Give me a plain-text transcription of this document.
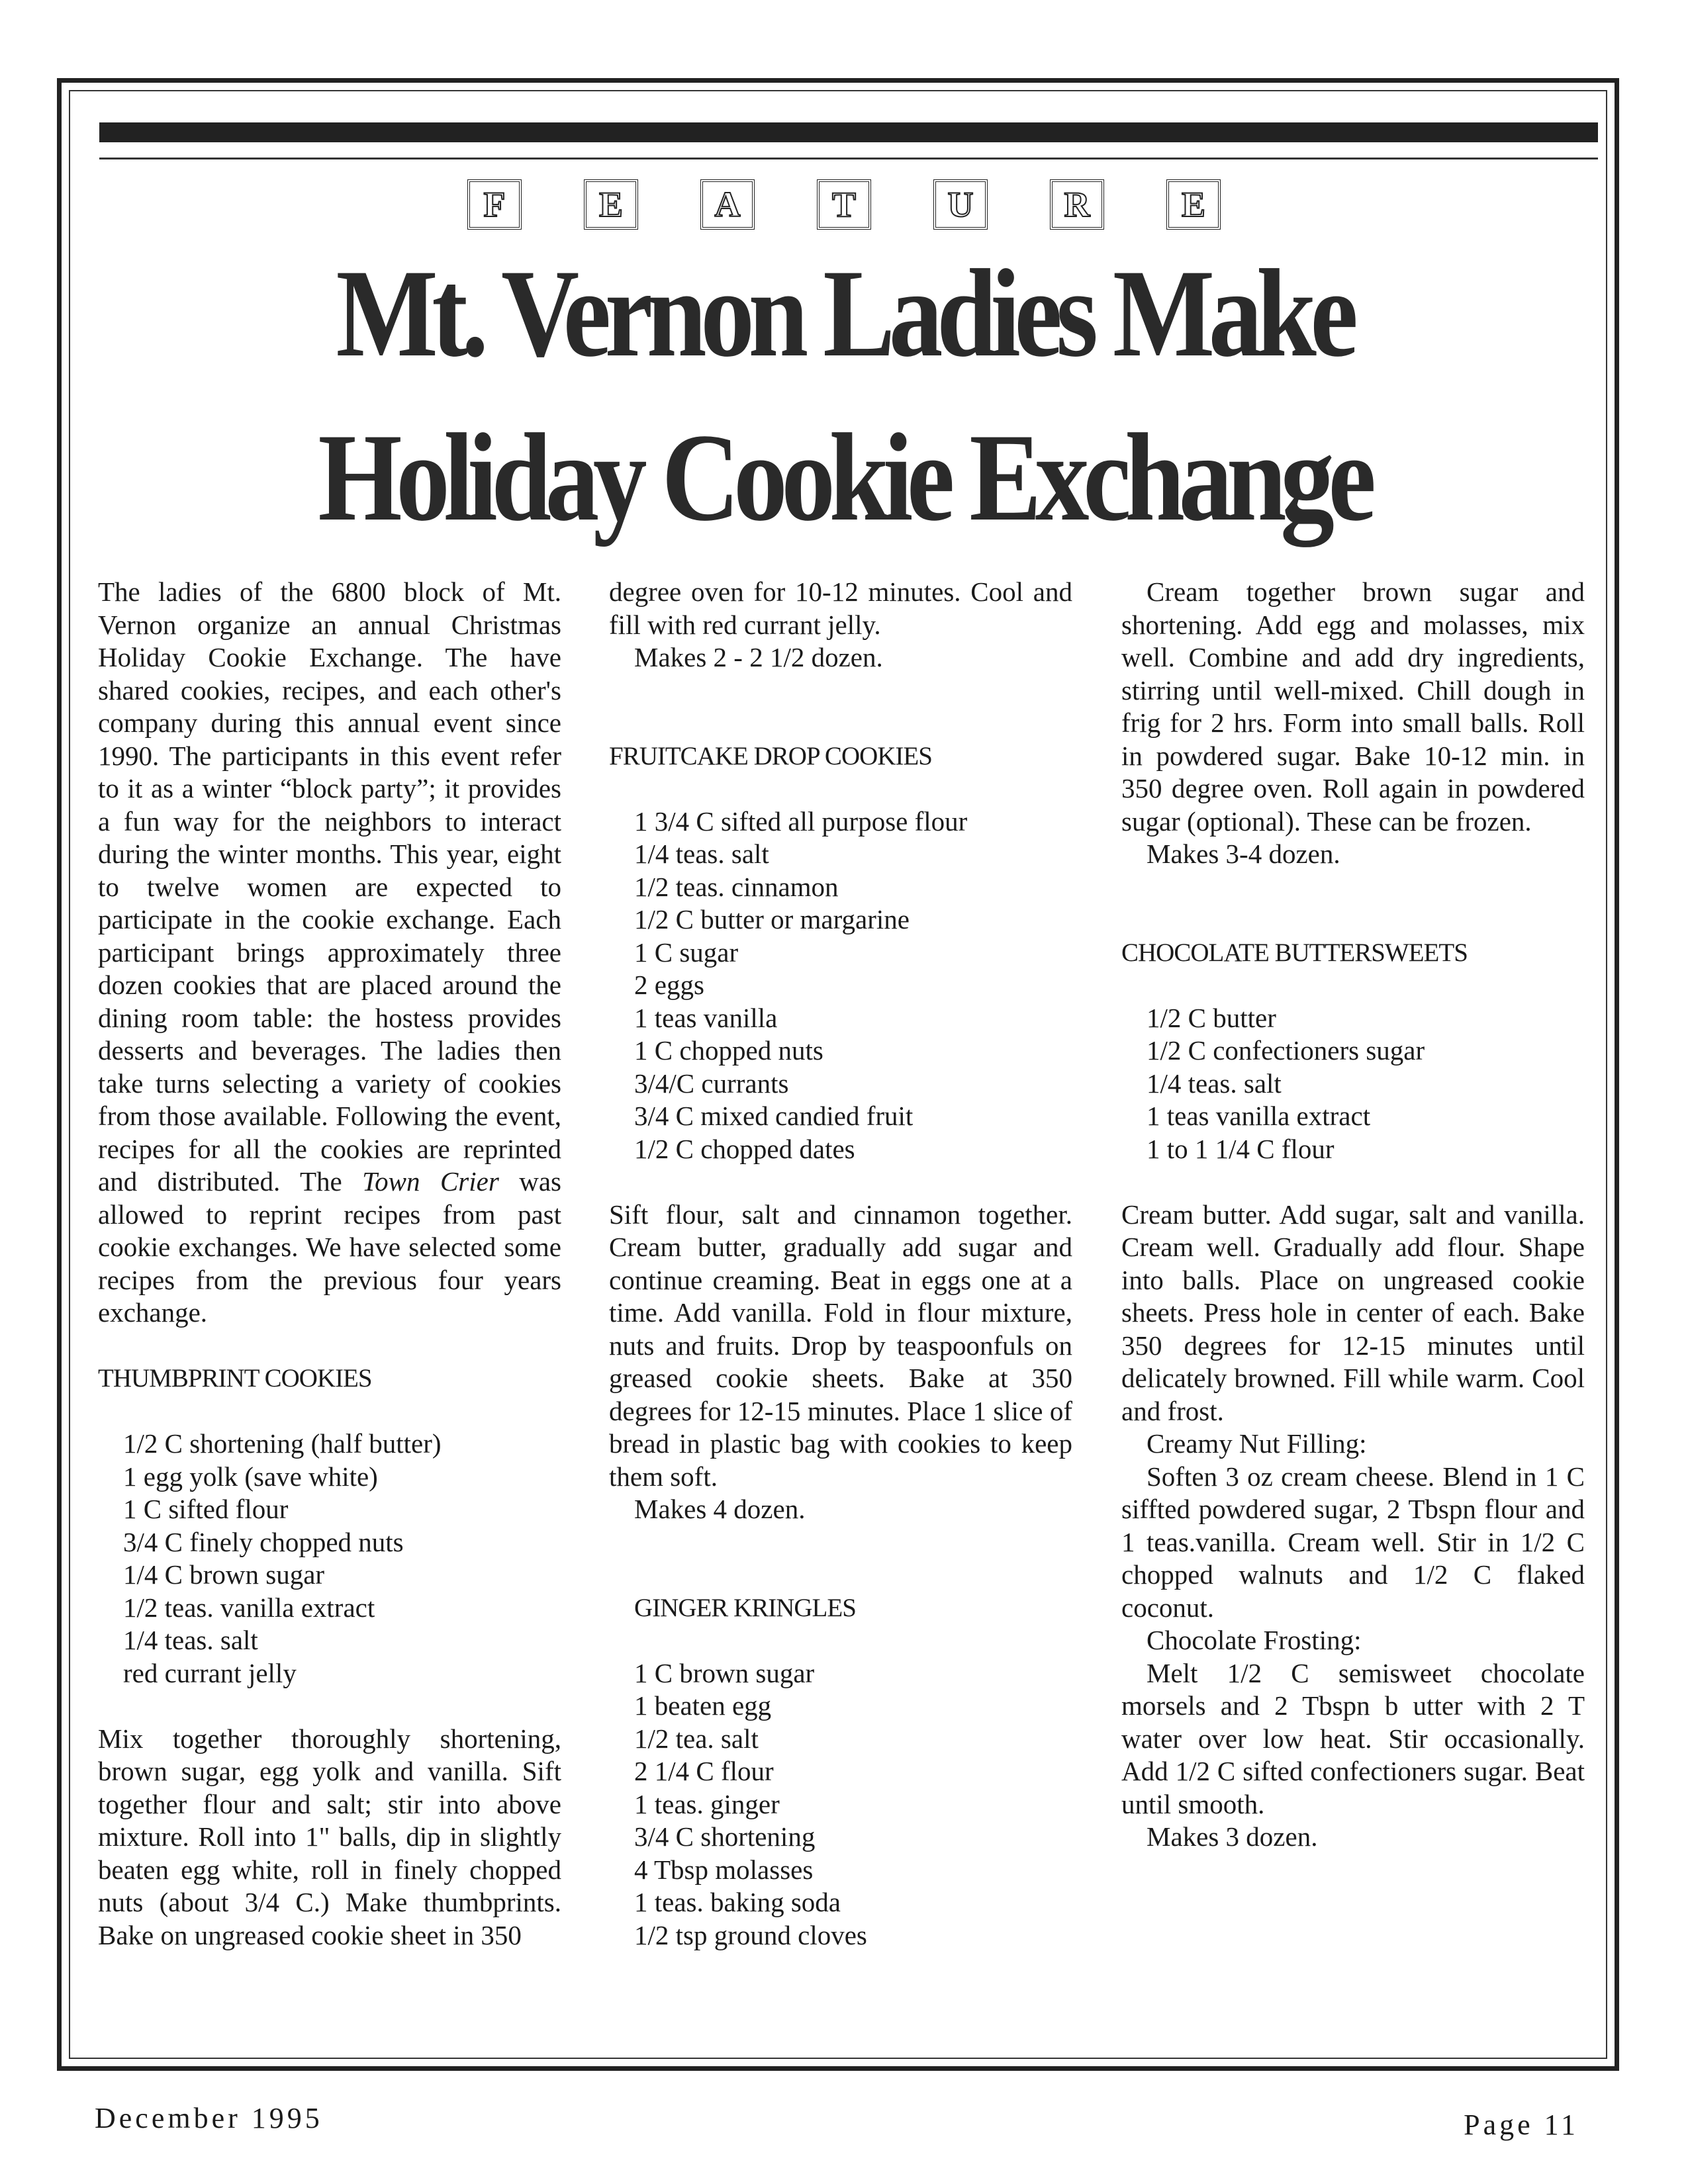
F	E	A	T	U	R	E
Mt. Vernon Ladies Make
Holiday Cookie Exchange

The ladies of the 6800 block of Mt. Vernon organize an annual Christmas Holiday Cookie Exchange. The have shared cookies, recipes, and each other's company during this annual event since 1990. The participants in this event refer to it as a winter “block party”; it provides a fun way for the neighbors to interact during the winter months. This year, eight to twelve women are expected to participate in the cookie exchange. Each participant brings approximately three dozen cookies that are placed around the dining room table: the hostess provides desserts and beverages. The ladies then take turns selecting a variety of cookies from those available. Following the event, recipes for all the cookies are reprinted and distributed. The Town Crier was allowed to reprint recipes from past cookie exchanges. We have selected some recipes from the previous four years exchange.

THUMBPRINT COOKIES

1/2 C shortening (half butter)

1 egg yolk (save white)

1 C sifted flour

3/4 C finely chopped nuts

1/4 C brown sugar

1/2 teas. vanilla extract

1/4 teas. salt

red currant jelly

Mix together thoroughly shortening, brown sugar, egg yolk and vanilla. Sift together flour and salt; stir into above mixture. Roll into 1" balls, dip in slightly beaten egg white, roll in finely chopped nuts (about 3/4 C.) Make thumbprints. Bake on ungreased cookie sheet in 350

degree oven for 10-12 minutes. Cool and fill with red currant jelly.

Makes 2 - 2 1/2 dozen.

FRUITCAKE DROP COOKIES

1 3/4 C sifted all purpose flour

1/4 teas. salt

1/2 teas. cinnamon

1/2 C butter or margarine

1 C sugar

2 eggs

1 teas vanilla

1 C chopped nuts

3/4/C currants

3/4 C mixed candied fruit

1/2 C chopped dates

Sift flour, salt and cinnamon together. Cream butter, gradually add sugar and continue creaming. Beat in eggs one at a time. Add vanilla. Fold in flour mixture, nuts and fruits. Drop by teaspoonfuls on greased cookie sheets. Bake at 350 degrees for 12-15 minutes. Place 1 slice of bread in plastic bag with cookies to keep them soft.

Makes 4 dozen.

GINGER KRINGLES

1 C brown sugar

1 beaten egg

1/2 tea. salt

2 1/4 C flour

1 teas. ginger

3/4 C shortening

4 Tbsp molasses

1 teas. baking soda

1/2 tsp ground cloves

Cream together brown sugar and shortening. Add egg and molasses, mix well. Combine and add dry ingredients, stirring until well-mixed. Chill dough in frig for 2 hrs. Form into small balls. Roll in powdered sugar. Bake 10-12 min. in 350 degree oven. Roll again in powdered sugar (optional). These can be frozen.

Makes 3-4 dozen.

CHOCOLATE BUTTERSWEETS

1/2 C butter

1/2 C confectioners sugar

1/4 teas. salt

1 teas vanilla extract

1 to 1 1/4 C flour

Cream butter. Add sugar, salt and vanilla. Cream well. Gradually add flour. Shape into balls. Place on ungreased cookie sheets. Press hole in center of each. Bake 350 degrees for 12-15 minutes until delicately browned. Fill while warm. Cool and frost.

Creamy Nut Filling:

Soften 3 oz cream cheese. Blend in 1 C siffted powdered sugar, 2 Tbspn flour and 1 teas.vanilla. Cream well. Stir in 1/2 C chopped walnuts and 1/2 C flaked coconut.

Chocolate Frosting:

Melt 1/2 C semisweet chocolate morsels and 2 Tbspn b utter with 2 T water over low heat. Stir occasionally. Add 1/2 C sifted confectioners sugar. Beat until smooth.

Makes 3 dozen.

December 1995	Page 11
